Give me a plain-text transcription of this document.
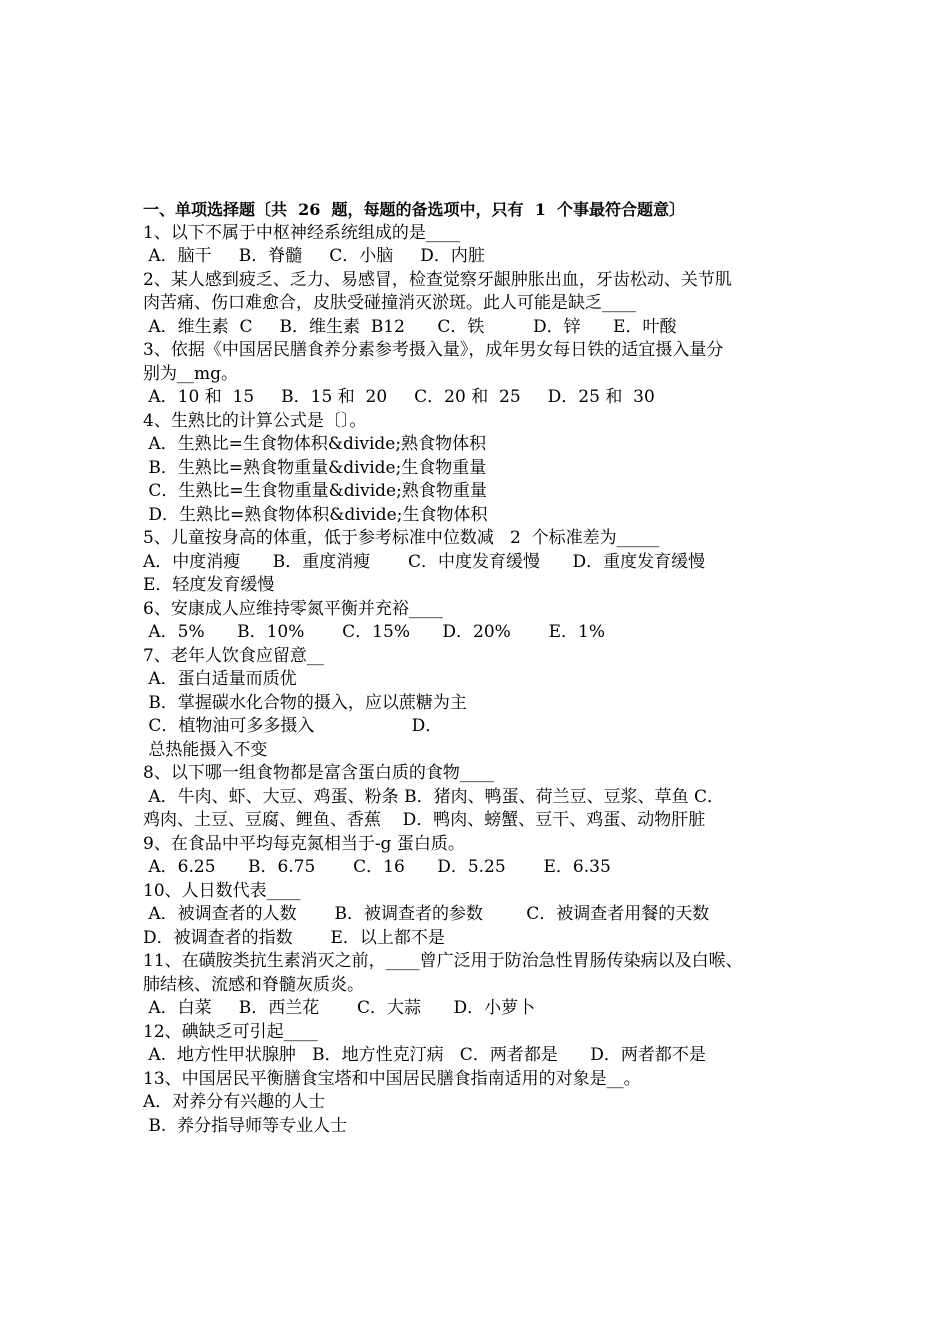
一、单项选择题〔共  26  题，每题的备选项中，只有  1  个事最符合题意〕
1、以下不属于中枢神经系统组成的是____
A．脑干     B．脊髓     C．小脑     D．内脏
2、某人感到疲乏、乏力、易感冒，检查觉察牙龈肿胀出血，牙齿松动、关节肌
肉苦痛、伤口难愈合，皮肤受碰撞消灭淤斑。此人可能是缺乏____
A．维生素  C     B．维生素  B12      C．铁         D．锌      E．叶酸
3、依据《中国居民膳食养分素参考摄入量》，成年男女每日铁的适宜摄入量分
别为__mg。
A．10 和  15     B．15 和  20     C．20 和  25     D．25 和  30
4、生熟比的计算公式是〔〕。
A．生熟比=生食物体积&divide;熟食物体积
B．生熟比=熟食物重量&divide;生食物重量
C．生熟比=生食物重量&divide;熟食物重量
D．生熟比=熟食物体积&divide;生食物体积
5、儿童按身高的体重，低于参考标准中位数减   2  个标准差为_____
A．中度消瘦      B．重度消瘦       C．中度发育缓慢      D．重度发育缓慢
E．轻度发育缓慢
6、安康成人应维持零氮平衡并充裕____
A．5%      B．10%       C．15%      D．20%       E．1%
7、老年人饮食应留意__
A．蛋白适量而质优
B．掌握碳水化合物的摄入，应以蔗糖为主
C．植物油可多多摄入                  D．
总热能摄入不变
8、以下哪一组食物都是富含蛋白质的食物____
A．牛肉、虾、大豆、鸡蛋、粉条 B．猪肉、鸭蛋、荷兰豆、豆浆、草鱼 C．
鸡肉、土豆、豆腐、鲤鱼、香蕉    D．鸭肉、螃蟹、豆干、鸡蛋、动物肝脏
9、在食品中平均每克氮相当于-g 蛋白质。
A．6.25      B．6.75       C．16      D．5.25       E．6.35
10、人日数代表____
A．被调查者的人数       B．被调查者的参数        C．被调查者用餐的天数
D．被调查者的指数       E．以上都不是
11、在磺胺类抗生素消灭之前，____曾广泛用于防治急性胃肠传染病以及白喉、
肺结核、流感和脊髓灰质炎。
A．白菜     B．西兰花       C．大蒜      D．小萝卜
12、碘缺乏可引起____
A.  地方性甲状腺肿   B．地方性克汀病   C．两者都是      D．两者都不是
13、中国居民平衡膳食宝塔和中国居民膳食指南适用的对象是__。
A．对养分有兴趣的人士
B.  养分指导师等专业人士
